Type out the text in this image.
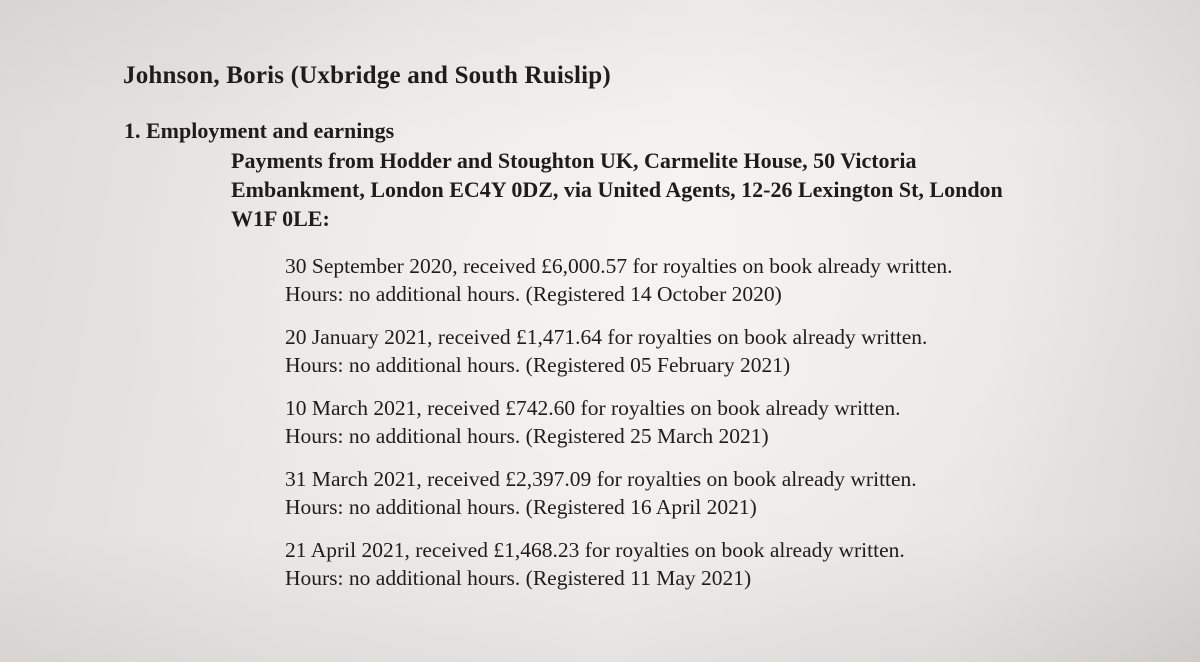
Johnson, Boris (Uxbridge and South Ruislip)
1. Employment and earnings
Payments from Hodder and Stoughton UK, Carmelite House, 50 Victoria
Embankment, London EC4Y 0DZ, via United Agents, 12-26 Lexington St, London
W1F 0LE:
30 September 2020, received £6,000.57 for royalties on book already written.
Hours: no additional hours. (Registered 14 October 2020)
20 January 2021, received £1,471.64 for royalties on book already written.
Hours: no additional hours. (Registered 05 February 2021)
10 March 2021, received £742.60 for royalties on book already written.
Hours: no additional hours. (Registered 25 March 2021)
31 March 2021, received £2,397.09 for royalties on book already written.
Hours: no additional hours. (Registered 16 April 2021)
21 April 2021, received £1,468.23 for royalties on book already written.
Hours: no additional hours. (Registered 11 May 2021)
